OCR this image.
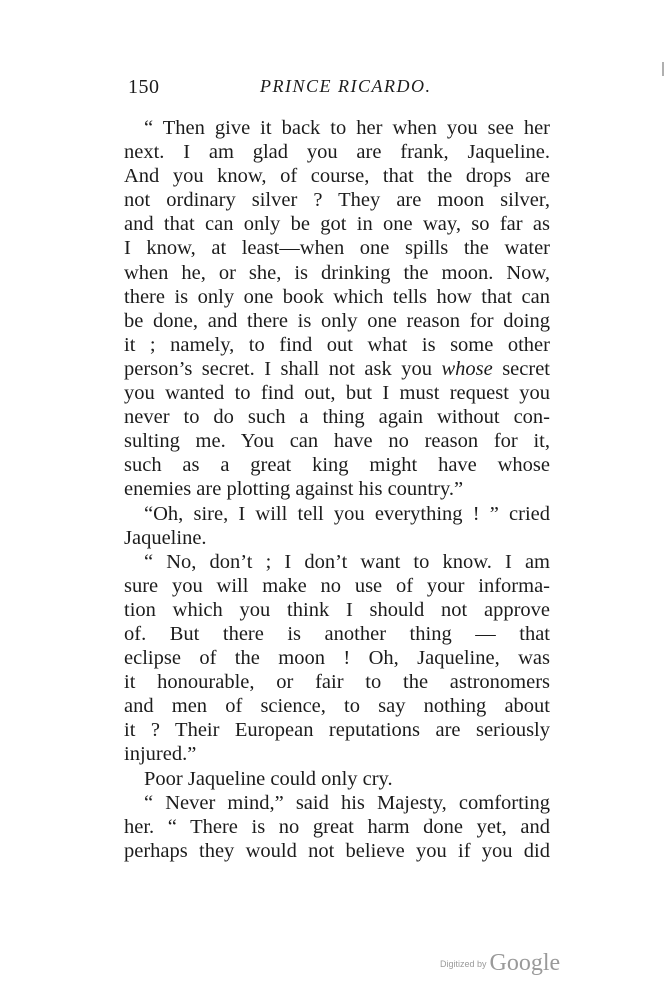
150	PRINCE RICARDO.
“ Then give it back to her when you see her
next. I am glad you are frank, Jaqueline.
And you know, of course, that the drops are
not ordinary silver ? They are moon silver,
and that can only be got in one way, so far as
I know, at least—when one spills the water
when he, or she, is drinking the moon. Now,
there is only one book which tells how that can
be done, and there is only one reason for doing
it ; namely, to find out what is some other
person’s secret. I shall not ask you whose secret
you wanted to find out, but I must request you
never to do such a thing again without con-
sulting me. You can have no reason for it,
such as a great king might have whose
enemies are plotting against his country.”
“Oh, sire, I will tell you everything ! ” cried
Jaqueline.
“ No, don’t ; I don’t want to know. I am
sure you will make no use of your informa-
tion which you think I should not approve
of. But there is another thing — that
eclipse of the moon ! Oh, Jaqueline, was
it honourable, or fair to the astronomers
and men of science, to say nothing about
it ? Their European reputations are seriously
injured.”
Poor Jaqueline could only cry.
“ Never mind,” said his Majesty, comforting
her. “ There is no great harm done yet, and
perhaps they would not believe you if you did
Digitized by Google
